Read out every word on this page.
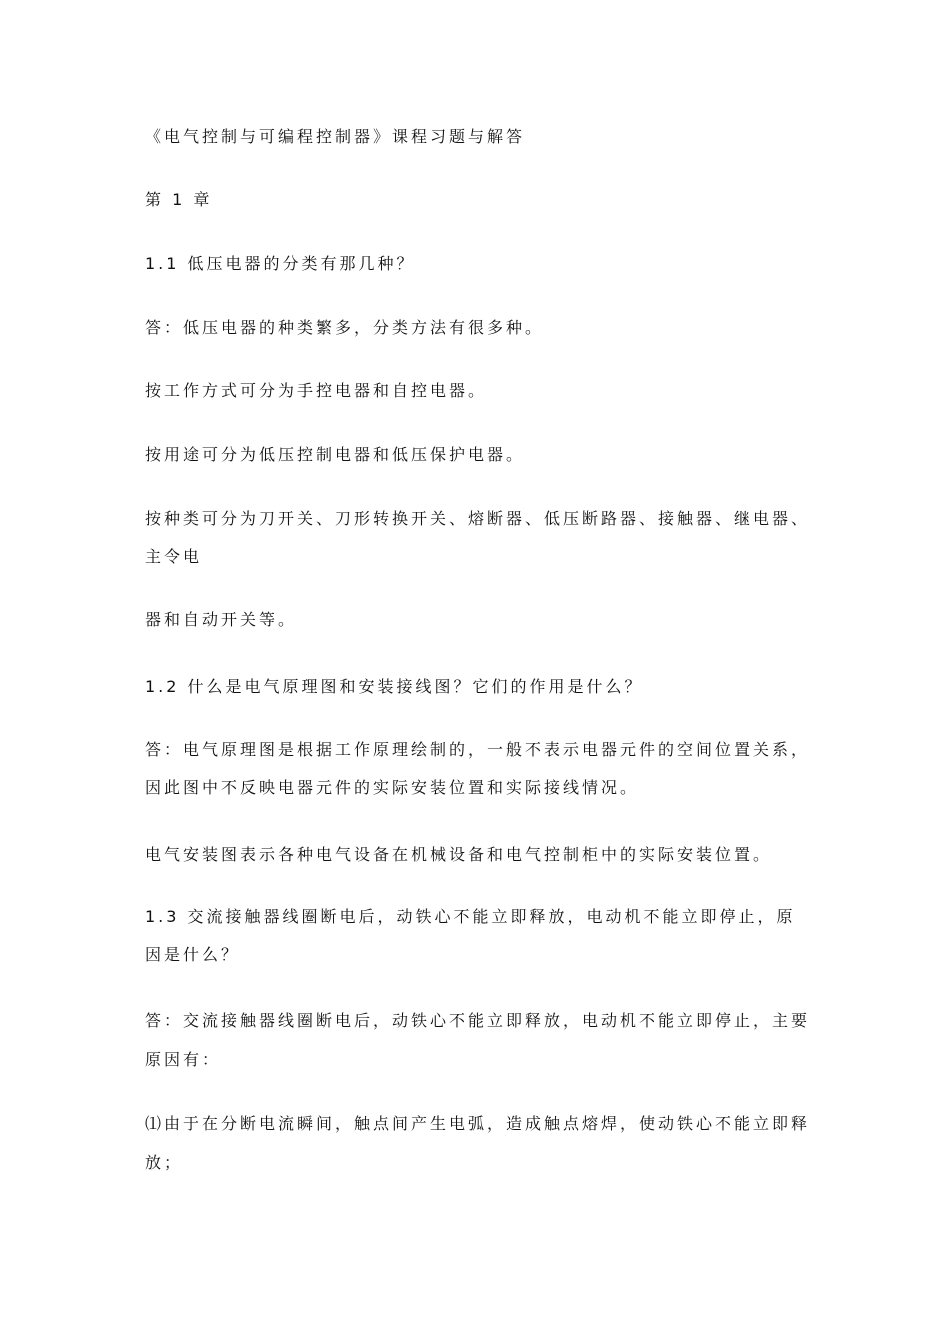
《电气控制与可编程控制器》课程习题与解答
第 1 章
1.1 低压电器的分类有那几种？
答：低压电器的种类繁多，分类方法有很多种。
按工作方式可分为手控电器和自控电器。
按用途可分为低压控制电器和低压保护电器。
按种类可分为刀开关、刀形转换开关、熔断器、低压断路器、接触器、继电器、
主令电
器和自动开关等。
1.2 什么是电气原理图和安装接线图？它们的作用是什么？
答：电气原理图是根据工作原理绘制的，一般不表示电器元件的空间位置关系，
因此图中不反映电器元件的实际安装位置和实际接线情况。
电气安装图表示各种电气设备在机械设备和电气控制柜中的实际安装位置。
1.3 交流接触器线圈断电后，动铁心不能立即释放，电动机不能立即停止，原
因是什么？
答：交流接触器线圈断电后，动铁心不能立即释放，电动机不能立即停止，主要
原因有：
⑴由于在分断电流瞬间，触点间产生电弧，造成触点熔焊，使动铁心不能立即释
放；
